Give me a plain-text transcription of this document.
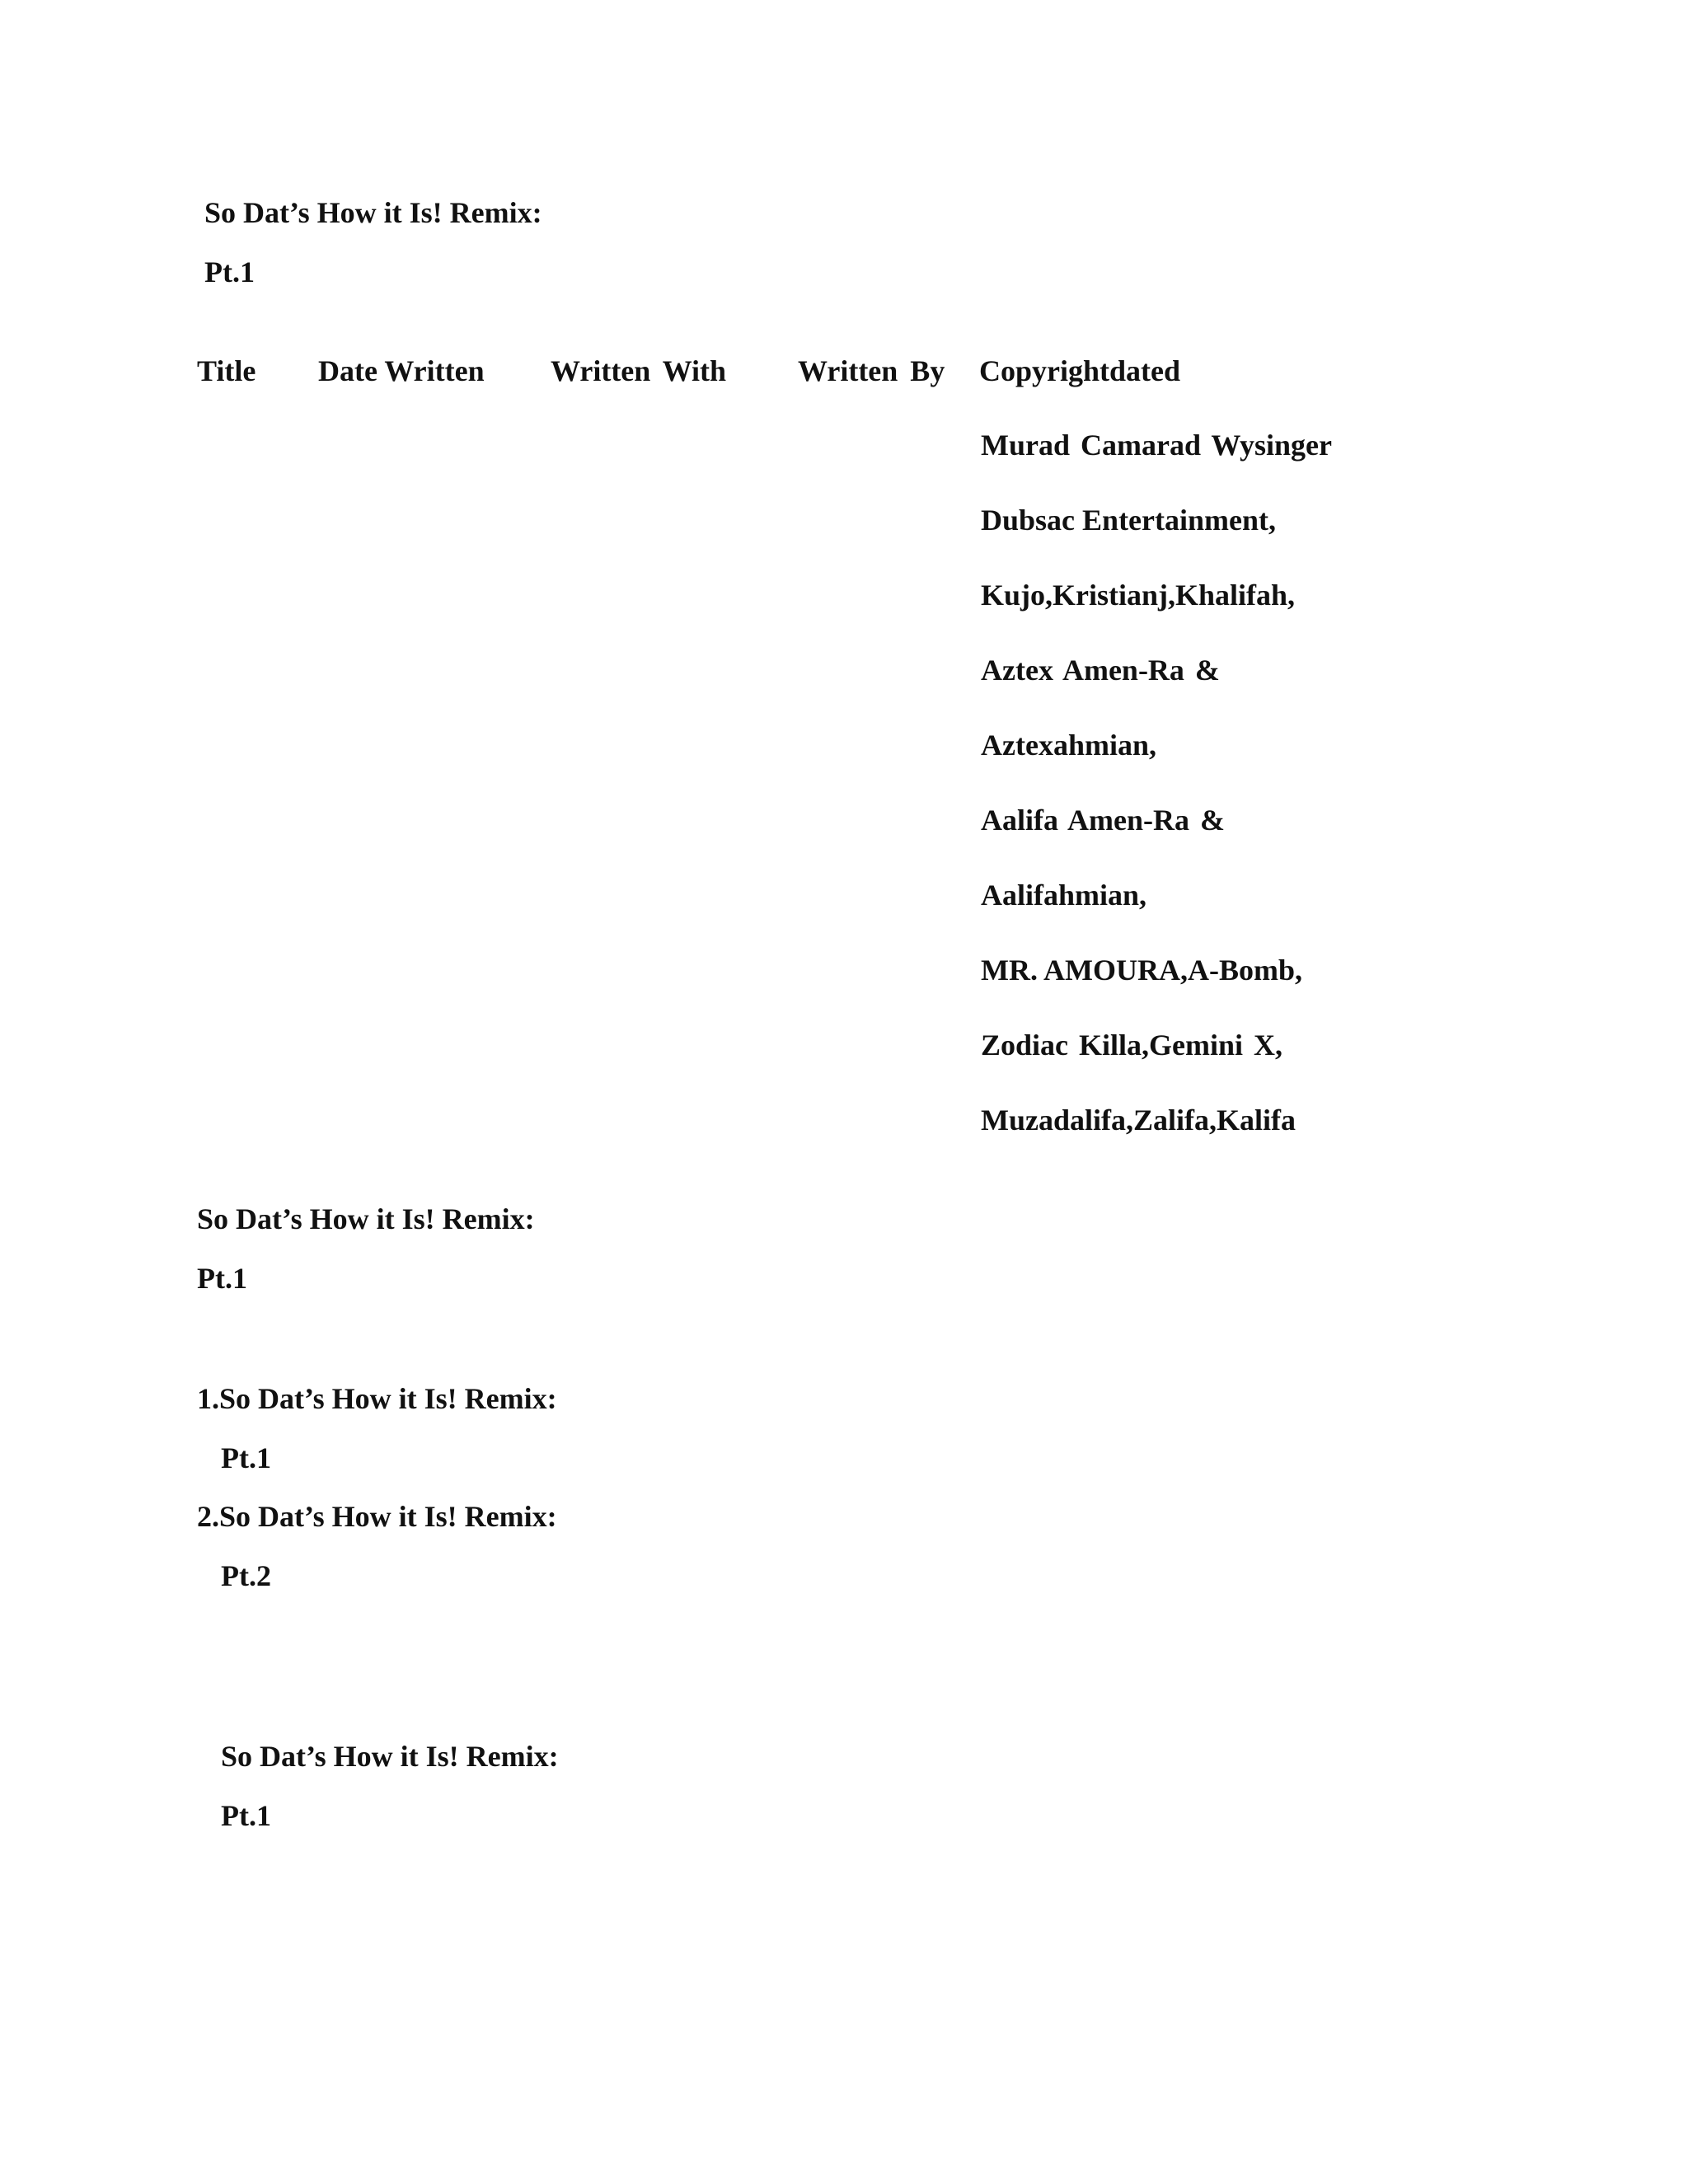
So Dat’s How it Is! Remix:

Pt.1

Title Date Written Written With Written By Copyrightdated
Murad Camarad Wysinger
Dubsac Entertainment,
Kujo,Kristianj,Khalifah,
Aztex Amen-Ra &
Aztexahmian,
Aalifa Amen-Ra &
Aalifahmian,
MR. AMOURA,A-Bomb,
Zodiac Killa,Gemini X,
Muzadalifa,Zalifa,Kalifa

So Dat’s How it Is! Remix:

Pt.1

1.So Dat’s How it Is! Remix:

Pt.1

2.So Dat’s How it Is! Remix:

Pt.2

So Dat’s How it Is! Remix:

Pt.1
